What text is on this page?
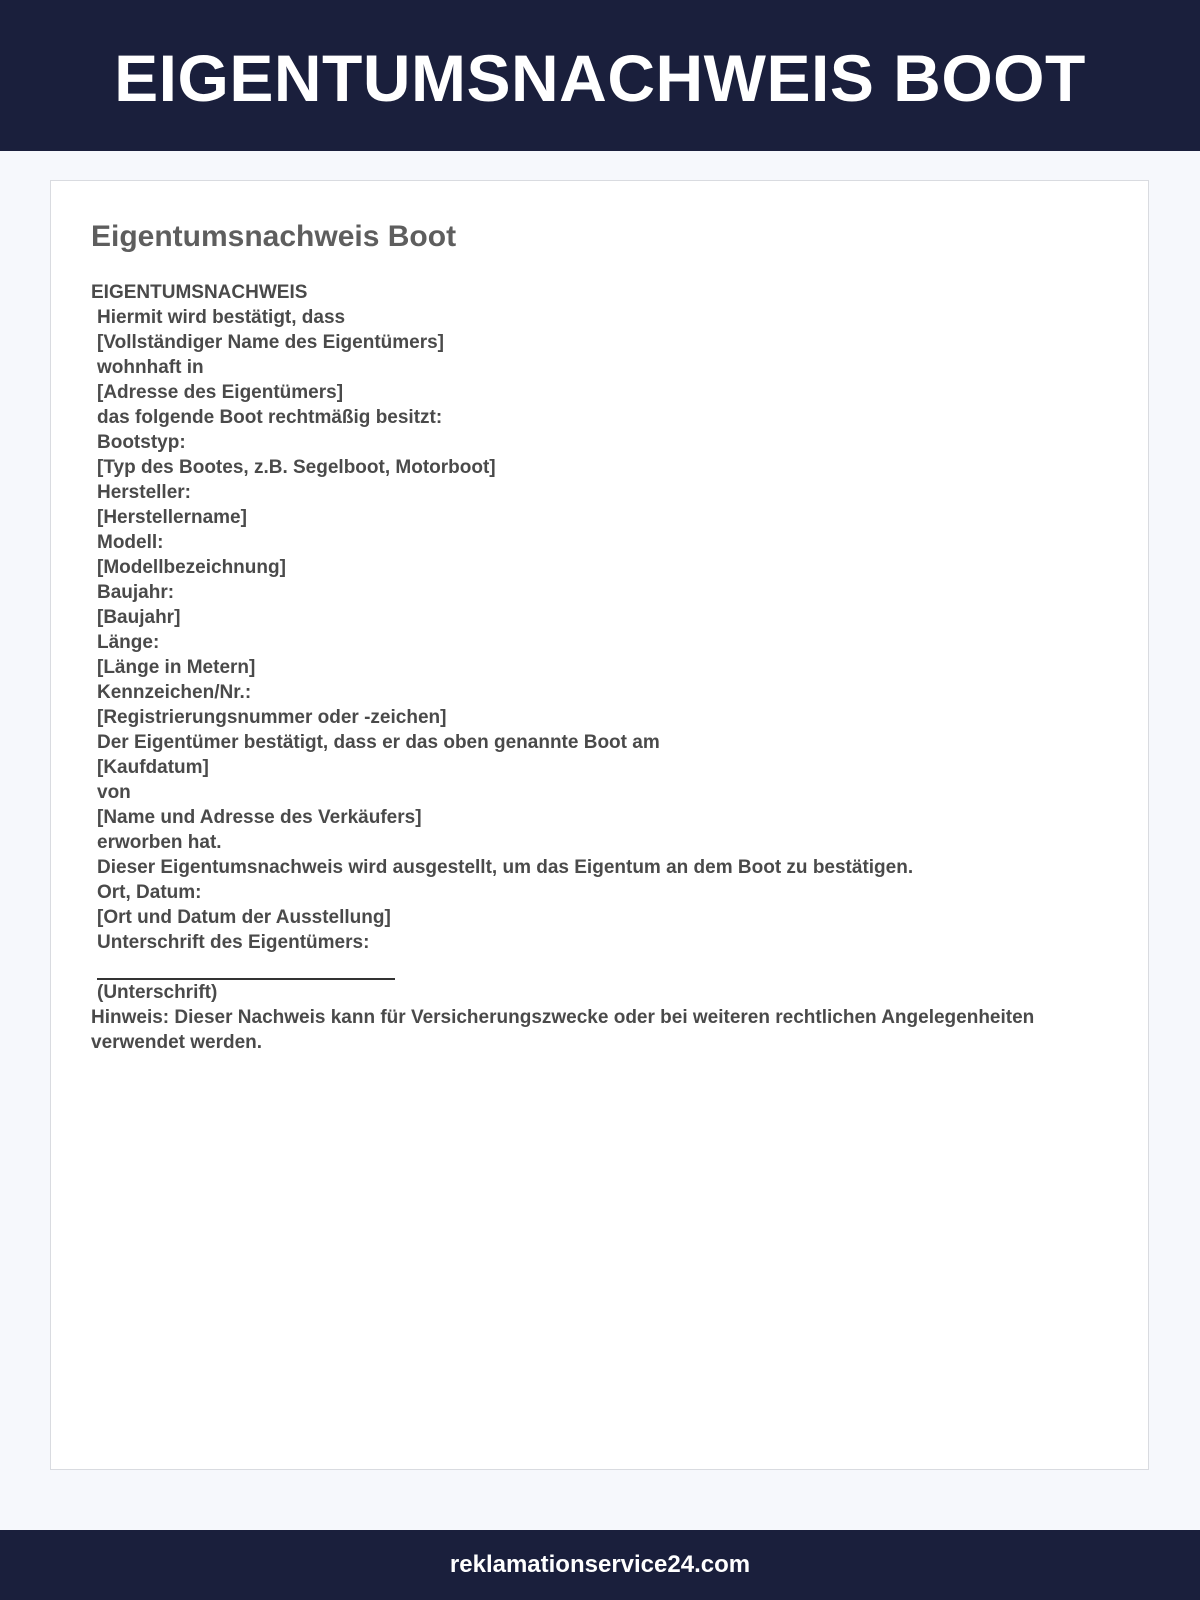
EIGENTUMSNACHWEIS BOOT
Eigentumsnachweis Boot
EIGENTUMSNACHWEIS
Hiermit wird bestätigt, dass
[Vollständiger Name des Eigentümers]
wohnhaft in
[Adresse des Eigentümers]
das folgende Boot rechtmäßig besitzt:
Bootstyp:
[Typ des Bootes, z.B. Segelboot, Motorboot]
Hersteller:
[Herstellername]
Modell:
[Modellbezeichnung]
Baujahr:
[Baujahr]
Länge:
[Länge in Metern]
Kennzeichen/Nr.:
[Registrierungsnummer oder -zeichen]
Der Eigentümer bestätigt, dass er das oben genannte Boot am
[Kaufdatum]
von
[Name und Adresse des Verkäufers]
erworben hat.
Dieser Eigentumsnachweis wird ausgestellt, um das Eigentum an dem Boot zu bestätigen.
Ort, Datum:
[Ort und Datum der Ausstellung]
Unterschrift des Eigentümers:
(Unterschrift)
Hinweis: Dieser Nachweis kann für Versicherungszwecke oder bei weiteren rechtlichen Angelegenheiten verwendet werden.
reklamationservice24.com
